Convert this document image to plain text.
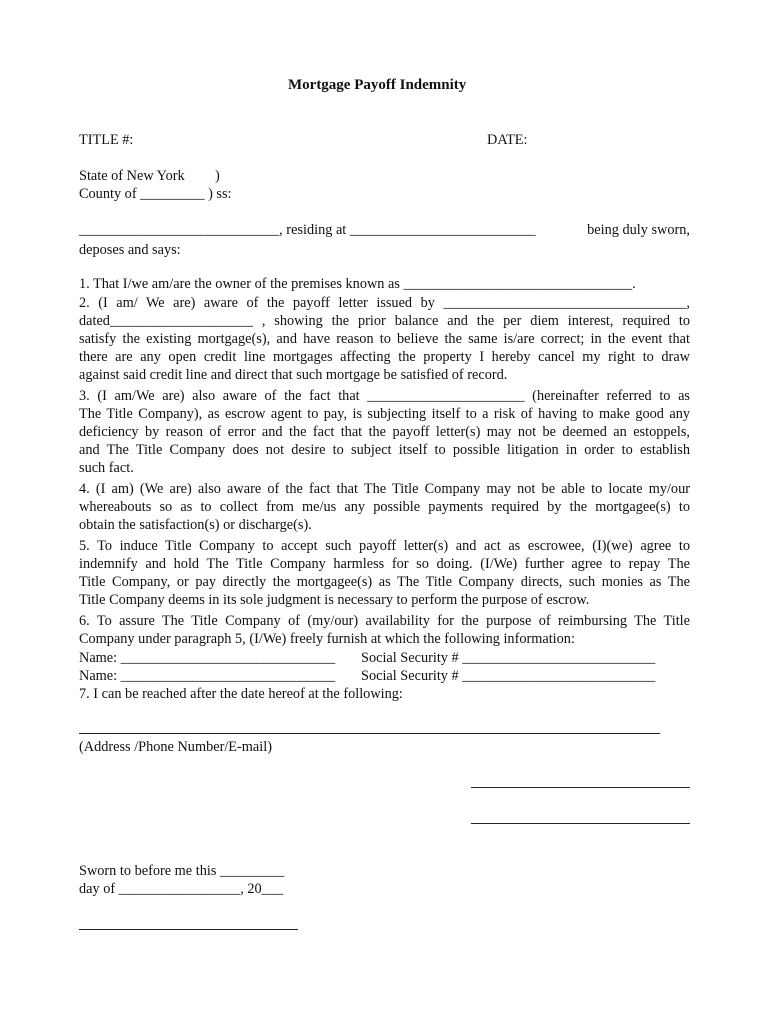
Mortgage Payoff Indemnity
TITLE #:	DATE:
State of New York )
County of _________ ) ss:
____________________________ , residing at __________________________	being duly sworn,
deposes and says:
1. That I/we am/are the owner of the premises known as ________________________________.
2. (I am/ We are) aware of the payoff letter issued by __________________________________,
dated____________________ , showing the prior balance and the per diem interest, required to
satisfy the existing mortgage(s), and have reason to believe the same is/are correct; in the event that
there are any open credit line mortgages affecting the property I hereby cancel my right to draw
against said credit line and direct that such mortgage be satisfied of record.
3. (I am/We are) also aware of the fact that ______________________ (hereinafter referred to as
The Title Company), as escrow agent to pay, is subjecting itself to a risk of having to make good any
deficiency by reason of error and the fact that the payoff letter(s) may not be deemed an estoppels,
and The Title Company does not desire to subject itself to possible litigation in order to establish
such fact.
4. (I am) (We are) also aware of the fact that The Title Company may not be able to locate my/our
whereabouts so as to collect from me/us any possible payments required by the mortgagee(s) to
obtain the satisfaction(s) or discharge(s).
5. To induce Title Company to accept such payoff letter(s) and act as escrowee, (I)(we) agree to
indemnify and hold The Title Company harmless for so doing. (I/We) further agree to repay The
Title Company, or pay directly the mortgagee(s) as The Title Company directs, such monies as The
Title Company deems in its sole judgment is necessary to perform the purpose of escrow.
6. To assure The Title Company of (my/our) availability for the purpose of reimbursing The Title
Company under paragraph 5, (I/We) freely furnish at which the following information:
Name: ______________________________ Social Security # ___________________________
Name: ______________________________ Social Security # ___________________________
7. I can be reached after the date hereof at the following:
(Address /Phone Number/E-mail)
Sworn to before me this _________
day of _________________, 20___
